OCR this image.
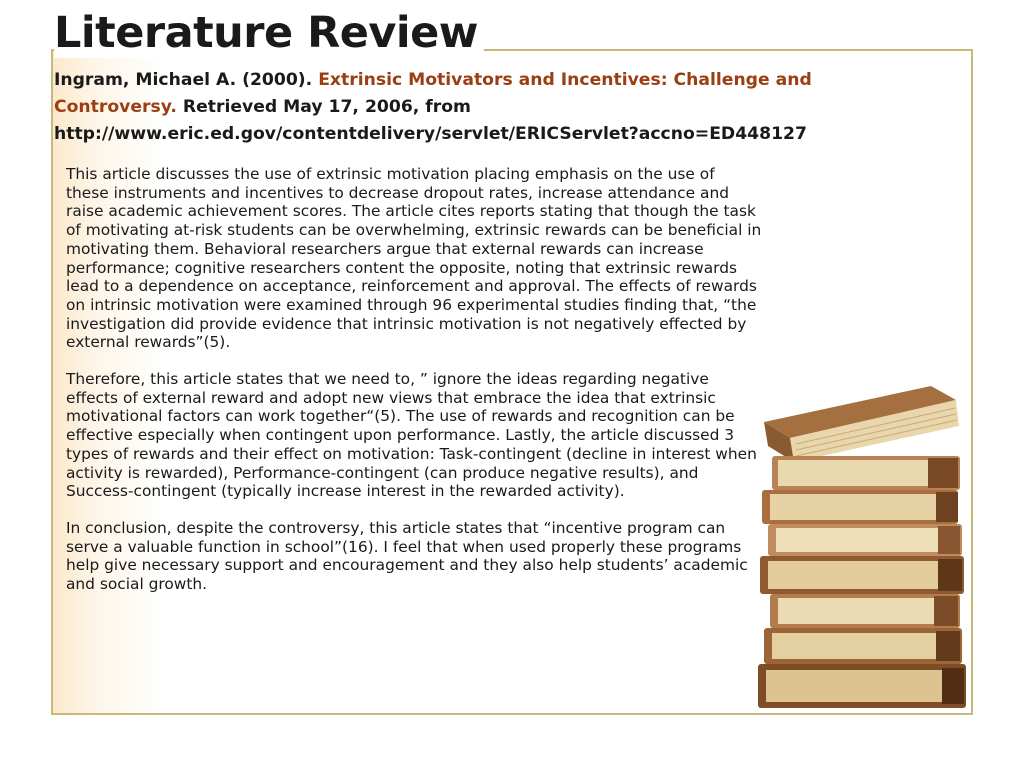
Literature Review

Ingram, Michael A. (2000). Extrinsic Motivators and Incentives: Challenge and Controversy. Retrieved May 17, 2006, from http://www.eric.ed.gov/contentdelivery/servlet/ERICServlet?accno=ED448127

This article discusses the use of extrinsic motivation placing emphasis on the use of these instruments and incentives to decrease dropout rates, increase attendance and raise academic achievement scores. The article cites reports stating that though the task of motivating at-risk students can be overwhelming, extrinsic rewards can be beneficial in motivating them. Behavioral researchers argue that external rewards can increase performance; cognitive researchers content the opposite, noting that extrinsic rewards lead to a dependence on acceptance, reinforcement and approval. The effects of rewards on intrinsic motivation were examined through 96 experimental studies finding that, “the investigation did provide evidence that intrinsic motivation is not negatively effected by external rewards”(5).

Therefore, this article states that we need to, ” ignore the ideas regarding negative effects of external reward and adopt new views that embrace the idea that extrinsic motivational factors can work together“(5). The use of rewards and recognition can be effective especially when contingent upon performance. Lastly, the article discussed 3 types of rewards and their effect on motivation: Task-contingent (decline in interest when activity is rewarded), Performance-contingent (can produce negative results), and Success-contingent (typically increase interest in the rewarded activity).

In conclusion, despite the controversy, this article states that “incentive program can serve a valuable function in school”(16). I feel that when used properly these programs help give necessary support and encouragement and they also help students’ academic and social growth.
